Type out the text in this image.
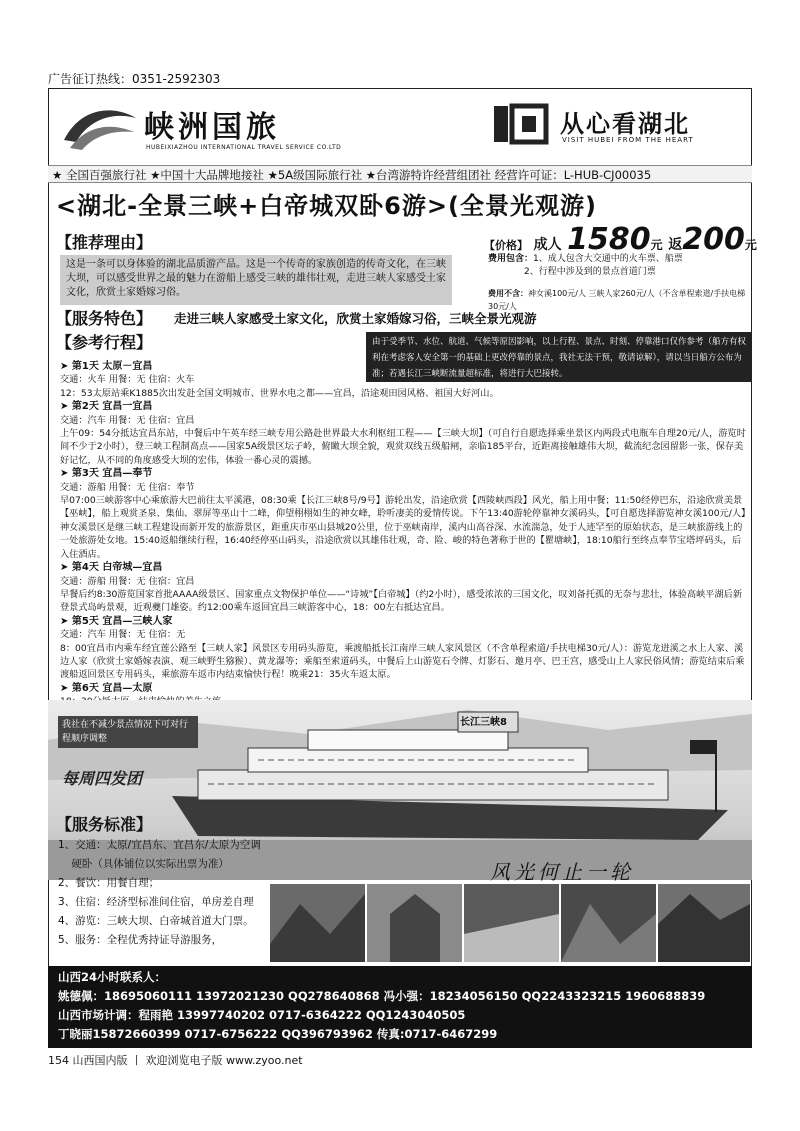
广告征订热线：0351-2592303
峡洲国旅
HUBEIXIAZHOU INTERNATIONAL TRAVEL SERVICE CO.LTD
从心看湖北
VISIT HUBEI FROM THE HEART
★ 全国百强旅行社 ★中国十大品牌地接社 ★5A级国际旅行社 ★台湾游特许经营组团社 经营许可证：L-HUB-CJ00035
<湖北-全景三峡+白帝城双卧6游>(全景光观游)
【推荐理由】	【价格】 成人 1580元 返200元
这是一条可以身体验的湖北品质游产品。这是一个传奇的家族创造的传奇文化，在三峡大坝，可以感受世界之最的魅力在游船上感受三峡的雄伟壮观，走进三峡人家感受土家文化，欣赏土家婚嫁习俗。
费用包含：1、成人包含大交通中的火车票、船票
2、行程中涉及到的景点首道门票
费用不含：神女溪100元/人 三峡人家260元/人（不含单程索道/手扶电梯30元/人
【服务特色】 走进三峡人家感受土家文化，欣赏土家婚嫁习俗，三峡全景光观游
由于受季节、水位、航道、气候等原因影响，以上行程、景点、时刻、停靠港口仅作参考（船方有权利在考虑客人安全第一的基础上更改停靠的景点，我社无法干预，敬请谅解），请以当日船方公布为准；若遇长江三峡断流量超标准，将进行大巴接转。
【参考行程】
➤ 第1天 太原－宜昌
交通：火车 用餐：无 住宿：火车
12：53太原站乘K1885次出发赴全国文明城市、世界水电之都——宜昌，沿途观田园风格、祖国大好河山。
➤ 第2天 宜昌一宜昌
交通：汽车 用餐：无 住宿：宜昌
上午09：54分抵达宜昌东站，中餐后中午英车经三峡专用公路赴世界最大水利枢纽工程——【三峡大坝】（可自行自愿选择乘坐景区内两段式电瓶车自理20元/人，游览时间不少于2小时），登三峡工程制高点——国家5A级景区坛子岭，俯瞰大坝全貌，观赏双线五级船闸，亲临185平台，近距离接触雄伟大坝，截流纪念园留影一张，保存美好记忆，从不同的角度感受大坝的宏伟，体验一番心灵的震撼。
➤ 第3天 宜昌—奉节
交通：游船 用餐：无 住宿：奉节
早07:00三峡游客中心乘旅游大巴前往太平溪港，08:30乘【长江三峡8号/9号】游轮出发，沿途欣赏【西陵峡西段】风光，船上用中餐；11:50经停巴东，沿途欣赏美景【巫峡】，船上观赏圣泉、集仙、翠屏等巫山十二峰，仰望栩栩如生的神女峰，聆听凄美的爱情传说。下午13:40游轮停靠神女溪码头，【可自愿选择游览神女溪100元/人】神女溪景区是继三峡工程建设而新开发的旅游景区，距重庆市巫山县城20公里，位于巫峡南岸，溪内山高谷深、水流湍急，处于人迹罕至的原始状态，是三峡旅游线上的一处旅游处女地。15:40返船继续行程，16:40经停巫山码头，沿途欣赏以其雄伟壮观，奇、险、峻的特色著称于世的【瞿塘峡】，18:10船行至终点奉节宝塔坪码头，后入住酒店。
➤ 第4天 白帝城—宜昌
交通：游船 用餐：无 住宿：宜昌
早餐后约8:30游览国家首批AAAA级景区、国家重点文物保护单位——“诗城”【白帝城】（约2小时），感受浓浓的三国文化，叹刘备托孤的无奈与悲壮，体验高峡平湖后新登景式岛屿景观，近观夔门雄姿。约12:00乘车返回宜昌三峡游客中心，18：00左右抵达宜昌。
➤ 第5天 宜昌—三峡人家
交通：汽车 用餐：无 住宿：无
8：00宜昌市内乘车经宜莲公路至【三峡人家】风景区专用码头游览，乘渡船抵长江南岸三峡人家风景区（不含单程索道/手扶电梯30元/人）：游览龙进溪之水上人家、溪边人家（欣赏土家婚嫁表演、观三峡野生猕猴）、黄龙瀑等；乘船至索道码头，中餐后上山游览石令牌、灯影石、邀月亭、巴王宫，感受山上人家民俗风情；游览结束后乘渡船返回景区专用码头，乘旅游车返市内结束愉快行程！晚乘21：35火车返太原。
➤ 第6天 宜昌—太原
长江三峡8
我社在不减少景点情况下可对行程顺序调整
每周四发团
【服务标准】
1、交通：太原/宜昌东、宜昌东/太原为空调
硬卧（具体铺位以实际出票为准）
2、餐饮：用餐自理；
3、住宿：经济型标准间住宿，单房差自理
4、游览：三峡大坝、白帝城首道大门票。
5、服务：全程优秀持证导游服务，
风光何止一轮
山西24小时联系人：
姚德佩：18695060111 13972021230 QQ278640868 冯小强：18234056150 QQ2243323215 1960688839
山西市场计调：程雨艳 13997740202 0717-6364222 QQ1243040505
丁晓丽15872660399 0717-6756222 QQ396793962 传真:0717-6467299
154 山西国内版 丨 欢迎浏览电子版 www.zyoo.net
